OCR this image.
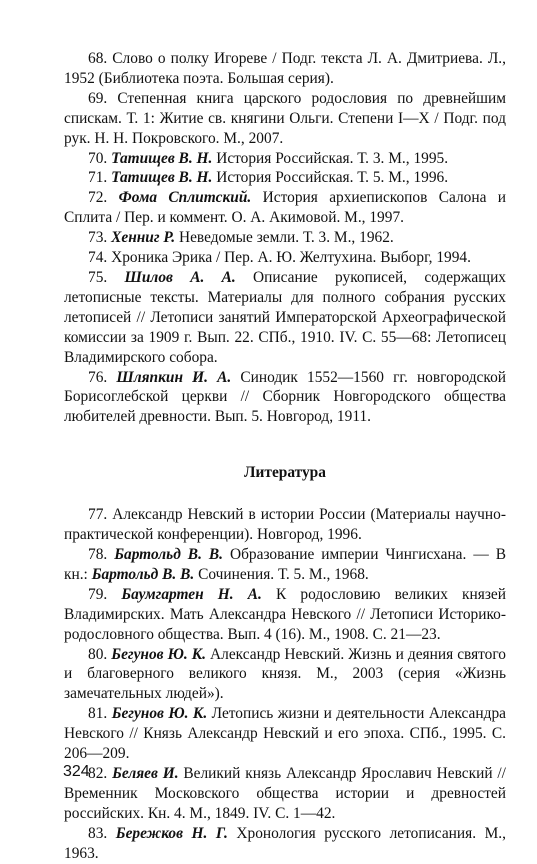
68. Слово о полку Игореве / Подг. текста Л. А. Дмитриева. Л., 1952 (Библиотека поэта. Большая серия).

69. Степенная книга царского родословия по древнейшим спискам. Т. 1: Житие св. княгини Ольги. Степени I—X / Подг. под рук. Н. Н. Покровского. М., 2007.

70. Татищев В. Н. История Российская. Т. 3. М., 1995.

71. Татищев В. Н. История Российская. Т. 5. М., 1996.

72. Фома Сплитский. История архиепископов Салона и Сплита / Пер. и коммент. О. А. Акимовой. М., 1997.

73. Хенниг Р. Неведомые земли. Т. 3. М., 1962.

74. Хроника Эрика / Пер. А. Ю. Желтухина. Выборг, 1994.

75. Шилов А. А. Описание рукописей, содержащих летописные тексты. Материалы для полного собрания русских летописей // Летописи занятий Императорской Археографической комиссии за 1909 г. Вып. 22. СПб., 1910. IV. С. 55—68: Летописец Владимирского собора.

76. Шляпкин И. А. Синодик 1552—1560 гг. новгородской Борисоглебской церкви // Сборник Новгородского общества любителей древности. Вып. 5. Новгород, 1911.

Литература

77. Александр Невский в истории России (Материалы научно-практической конференции). Новгород, 1996.

78. Бартольд В. В. Образование империи Чингисхана. — В кн.: Бартольд В. В. Сочинения. Т. 5. М., 1968.

79. Баумгартен Н. А. К родословию великих князей Владимирских. Мать Александра Невского // Летописи Историко-родословного общества. Вып. 4 (16). М., 1908. С. 21—23.

80. Бегунов Ю. К. Александр Невский. Жизнь и деяния святого и благоверного великого князя. М., 2003 (серия «Жизнь замечательных людей»).

81. Бегунов Ю. К. Летопись жизни и деятельности Александра Невского // Князь Александр Невский и его эпоха. СПб., 1995. С. 206—209.

82. Беляев И. Великий князь Александр Ярославич Невский // Временник Московского общества истории и древностей российских. Кн. 4. М., 1849. IV. С. 1—42.

83. Бережков Н. Г. Хронология русского летописания. М., 1963.

324
